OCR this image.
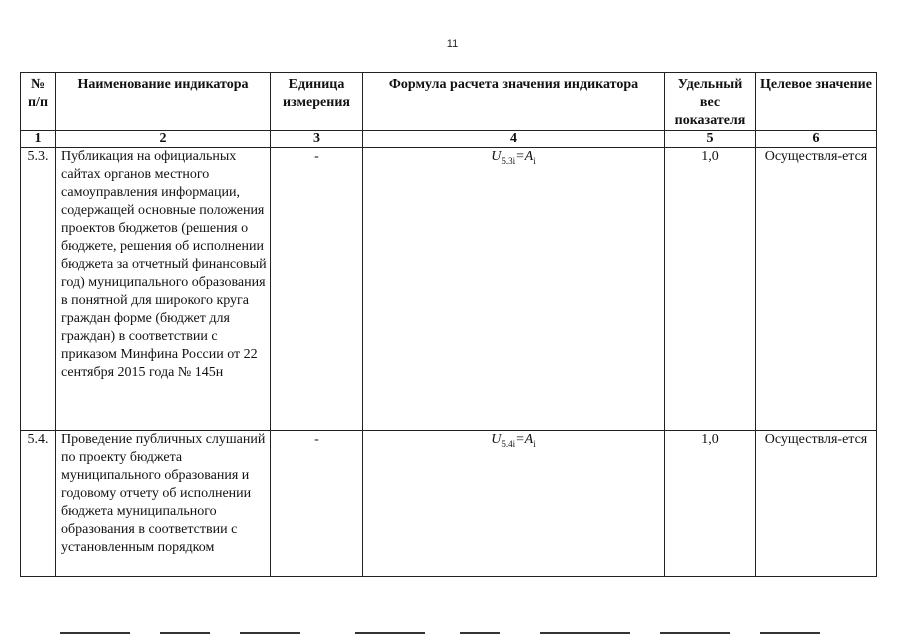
11
№ п/п	Наименование индикатора	Единица измерения	Формула расчета значения индикатора	Удельный вес показателя	Целевое значение
1	2	3	4	5	6
5.3.	Публикация на официальных сайтах органов местного самоуправления информации, содержащей основные положения проектов бюджетов (решения о бюджете, решения об исполнении бюджета за отчетный финансовый год) муниципального образования в понятной для широкого круга граждан форме (бюджет для граждан) в соответствии с приказом Минфина России от 22 сентября 2015 года № 145н	-	$U_{5.3i}=A_i$	1,0	Осуществля-ется
5.4.	Проведение публичных слушаний по проекту бюджета муниципального образования и годовому отчету об исполнении бюджета муниципального образования в соответствии с установленным порядком	-	$U_{5.4i}=A_i$	1,0	Осуществля-ется
